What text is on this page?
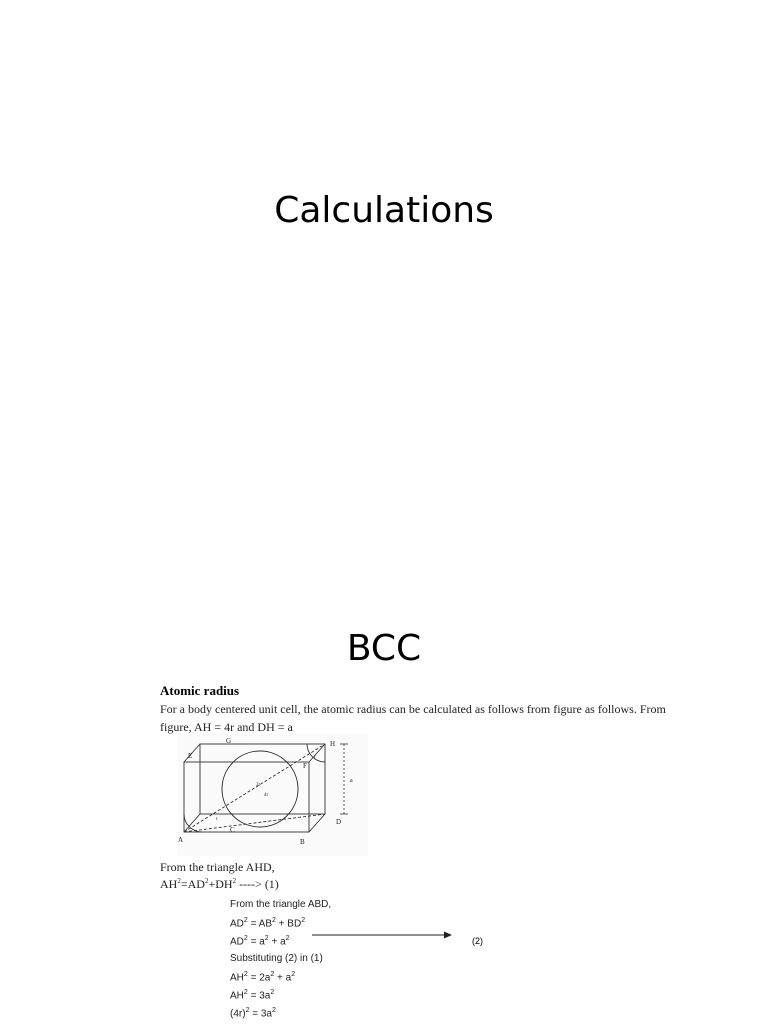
Calculations
BCC
Atomic radius
For a body centered unit cell, the atomic radius can be calculated as follows from figure as follows. From figure, AH = 4r and DH = a
G	H
E
F
A	B
C
D
r
r
2r
4r
a
From the triangle AHD,
$AH^2=AD^2+DH^2$ ----> (1)
From the triangle ABD,
$AD^2 = AB^2 + BD^2$
$AD^2 = a^2 + a^2$	(2)
Substituting (2) in (1)
$AH^2 = 2a^2 + a^2$
$AH^2 = 3a^2$
$(4r)^2 = 3a^2$
